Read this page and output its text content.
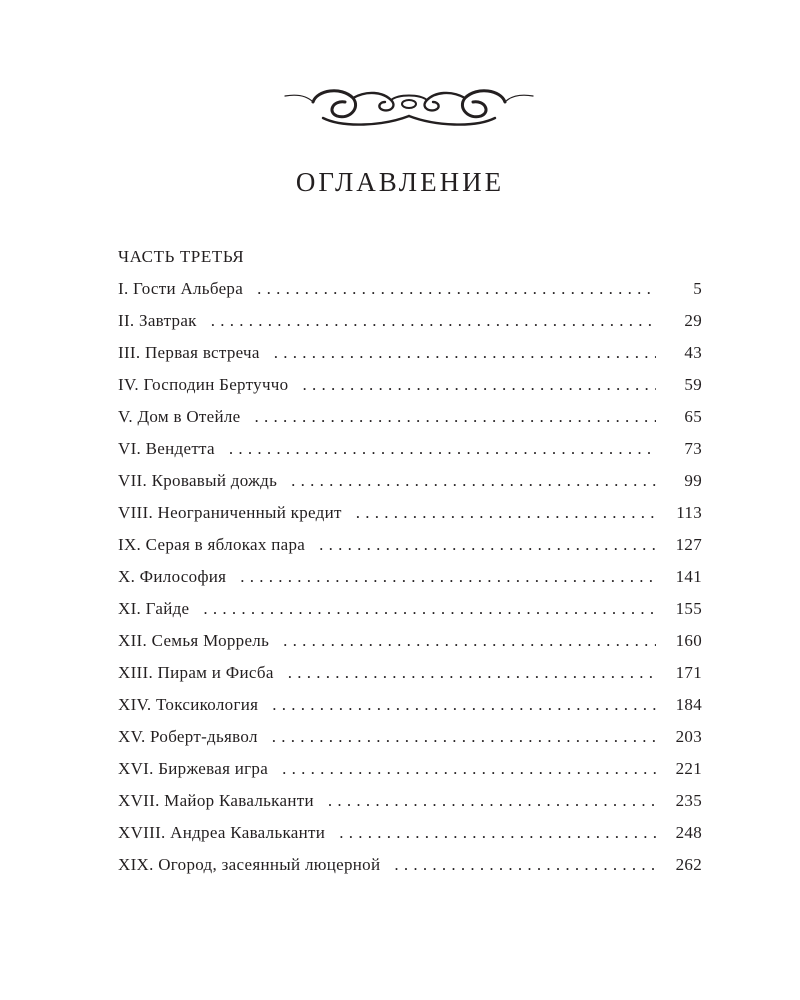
ОГЛАВЛЕНИЕ
ЧАСТЬ ТРЕТЬЯ
I. Гости Альбера . . .	5
II. Завтрак . . .	29
III. Первая встреча . . .	43
IV. Господин Бертуччо . . .	59
V. Дом в Отейле . . .	65
VI. Вендетта . . .	73
VII. Кровавый дождь . . .	99
VIII. Неограниченный кредит . . .	113
IX. Серая в яблоках пара . . .	127
X. Философия . . .	141
XI. Гайде . . .	155
XII. Семья Моррель . . .	160
XIII. Пирам и Фисба . . .	171
XIV. Токсикология . . .	184
XV. Роберт-дьявол . . .	203
XVI. Биржевая игра . . .	221
XVII. Майор Кавальканти . . .	235
XVIII. Андреа Кавальканти . . .	248
XIX. Огород, засеянный люцерной . . .	262
